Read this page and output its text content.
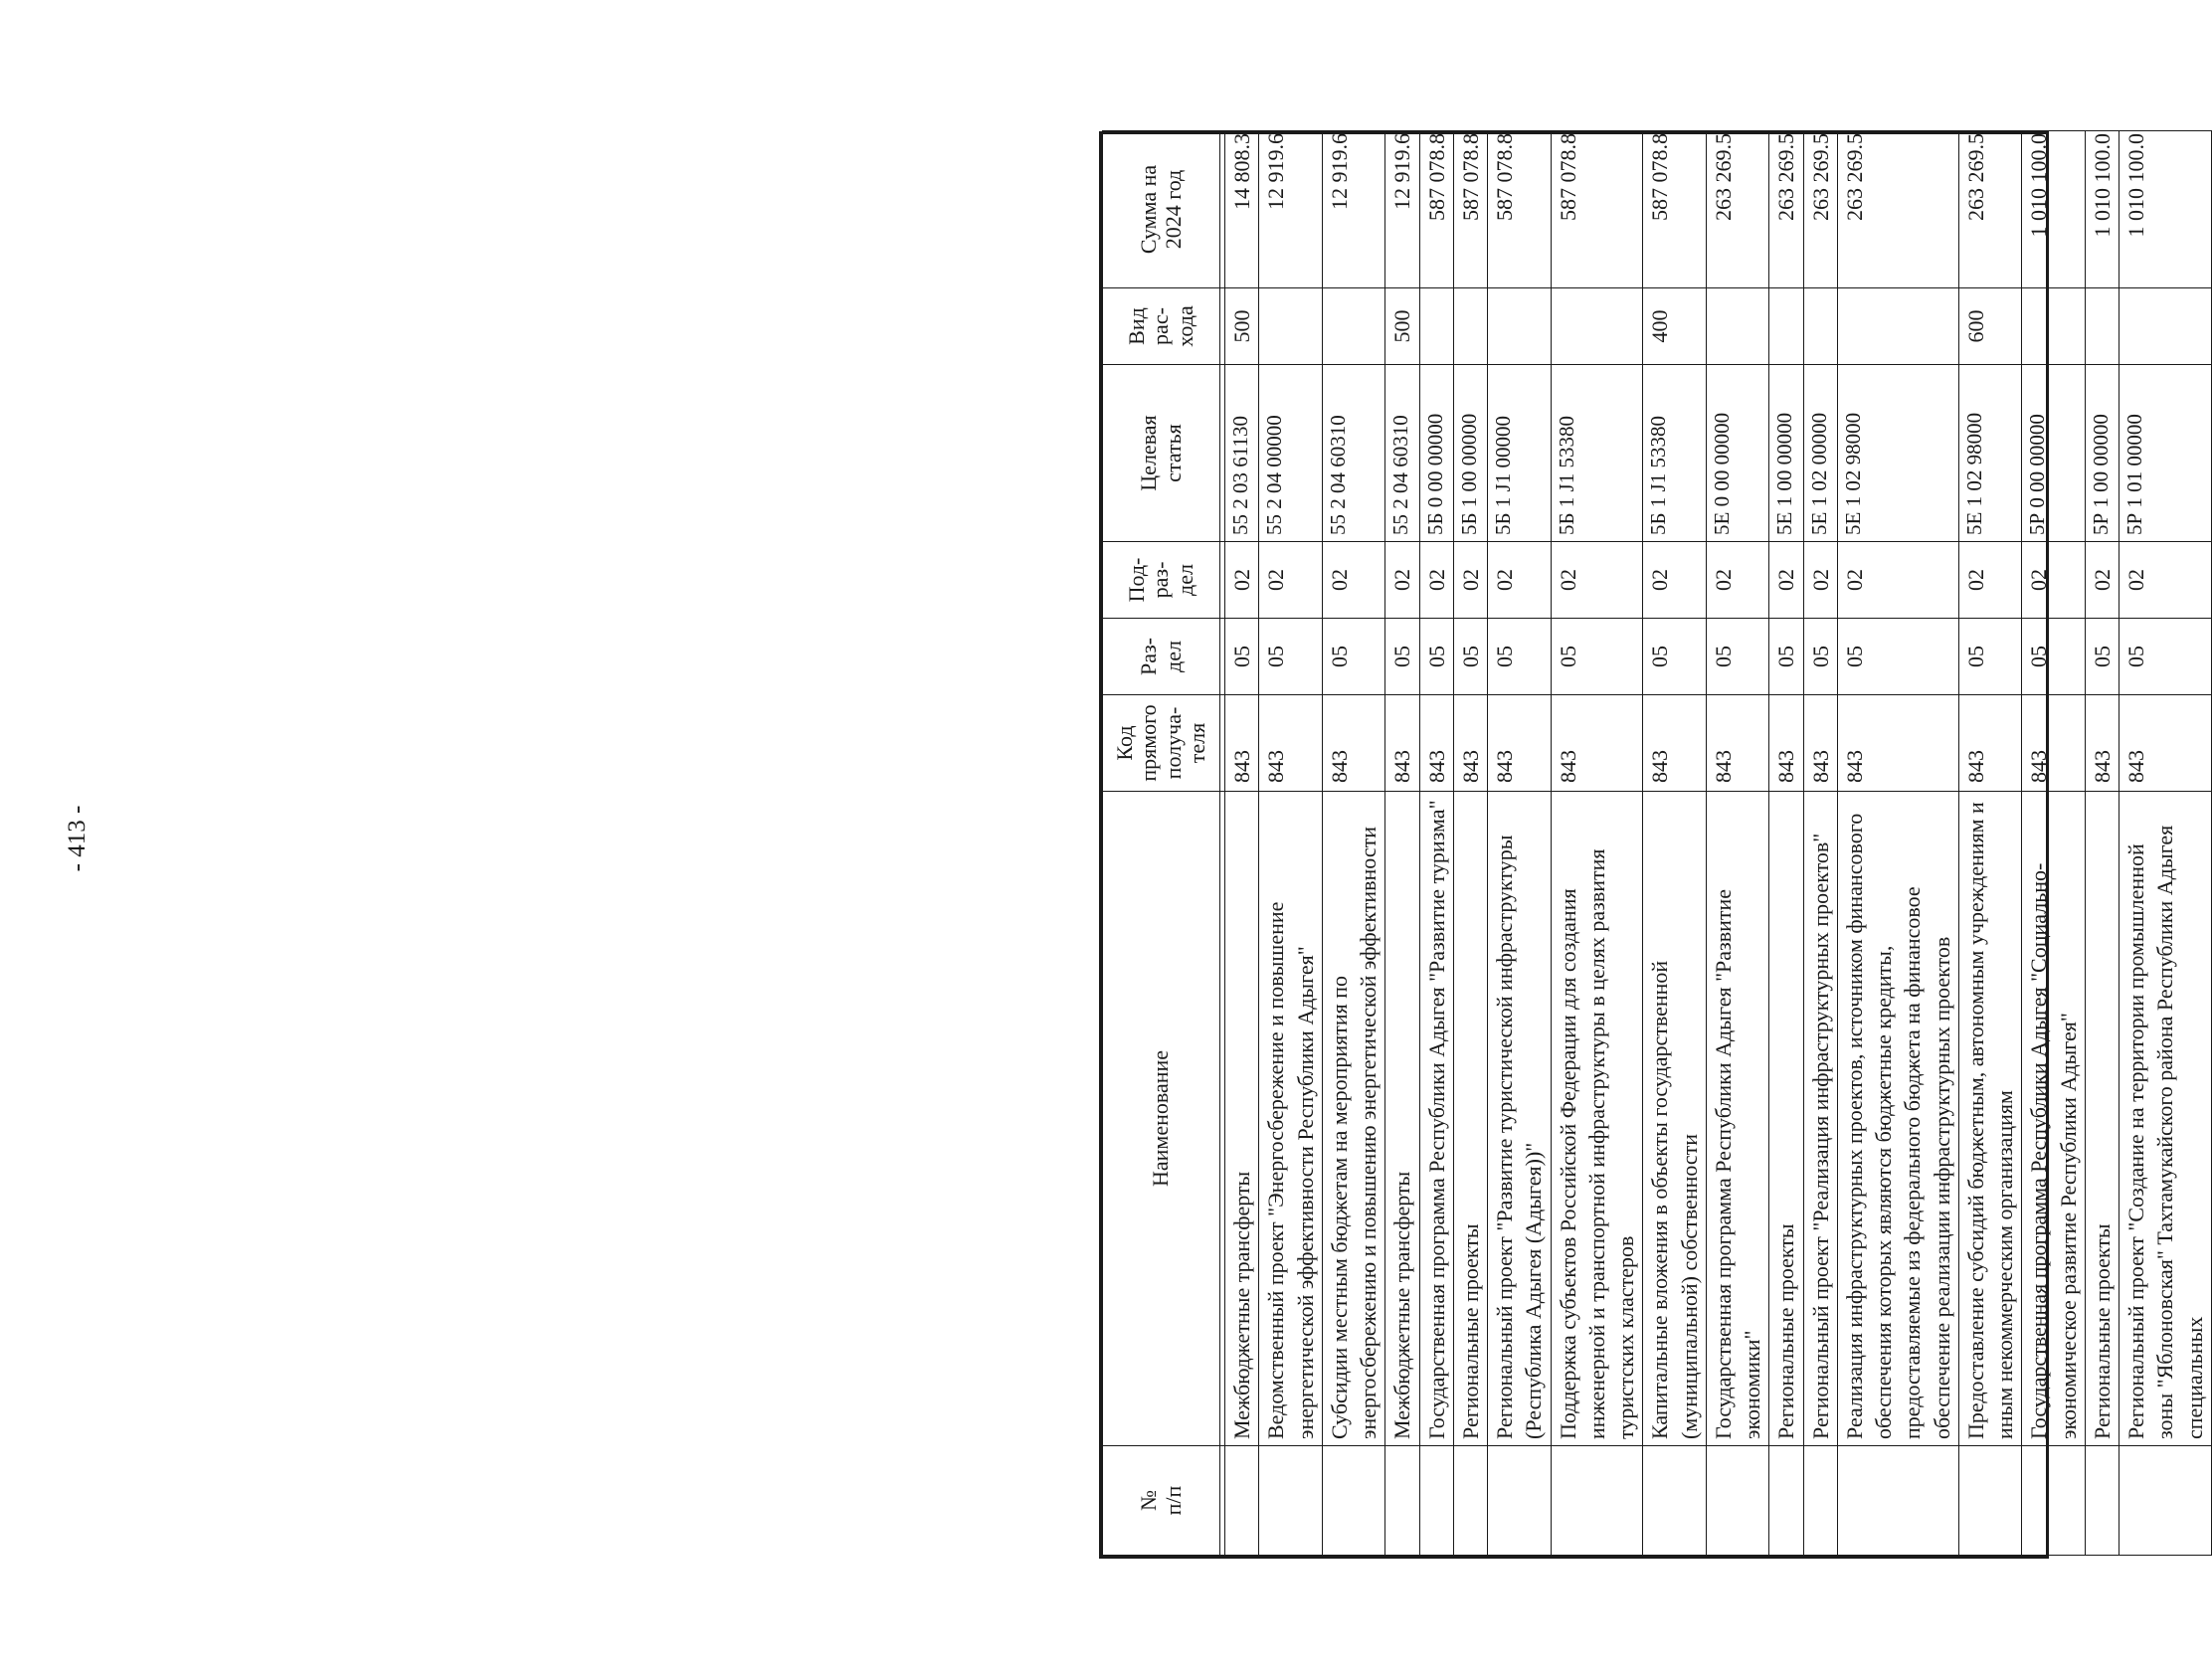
- 413 -
№ п/п	Наименование	Код прямого получа- теля	Раз- дел	Под- раз- дел	Целевая статья	Вид рас- хода	Сумма на 2024 год

	Межбюджетные трансферты	843	05	02	55 2 03 61130	500	14 808.3
	Ведомственный проект "Энергосбережение и повышение энергетической эффективности Республики Адыгея"	843	05	02	55 2 04 00000		12 919.6
	Субсидии местным бюджетам на мероприятия по энергосбережению и повышению энергетической эффективности	843	05	02	55 2 04 60310		12 919.6
	Межбюджетные трансферты	843	05	02	55 2 04 60310	500	12 919.6
	Государственная программа Республики Адыгея "Развитие туризма"	843	05	02	5Б 0 00 00000		587 078.8
	Региональные проекты	843	05	02	5Б 1 00 00000		587 078.8
	Региональный проект "Развитие туристической инфраструктуры (Республика Адыгея (Адыгея))"	843	05	02	5Б 1 J1 00000		587 078.8
	Поддержка субъектов Российской Федерации для создания инженерной и транспортной инфраструктуры в целях развития туристских кластеров	843	05	02	5Б 1 J1 53380		587 078.8
	Капитальные вложения в объекты государственной (муниципальной) собственности	843	05	02	5Б 1 J1 53380	400	587 078.8
	Государственная программа Республики Адыгея "Развитие экономики"	843	05	02	5Е 0 00 00000		263 269.5
	Региональные проекты	843	05	02	5Е 1 00 00000		263 269.5
	Региональный проект "Реализация инфраструктурных проектов"	843	05	02	5Е 1 02 00000		263 269.5
	Реализация инфраструктурных проектов, источником финансового обеспечения которых являются бюджетные кредиты, предоставляемые из федерального бюджета на финансовое обеспечение реализации инфраструктурных проектов	843	05	02	5Е 1 02 98000		263 269.5
	Предоставление субсидий бюджетным, автономным учреждениям и иным некоммерческим организациям	843	05	02	5Е 1 02 98000	600	263 269.5
	Государственная программа Республики Адыгея "Социально-экономическое развитие Республики Адыгея"	843	05	02	5Р 0 00 00000		1 010 100.0
	Региональные проекты	843	05	02	5Р 1 00 00000		1 010 100.0
	Региональный проект "Создание на территории промышленной зоны "Яблоновская" Тахтамукайского района Республики Адыгея специальных	843	05	02	5Р 1 01 00000		1 010 100.0
